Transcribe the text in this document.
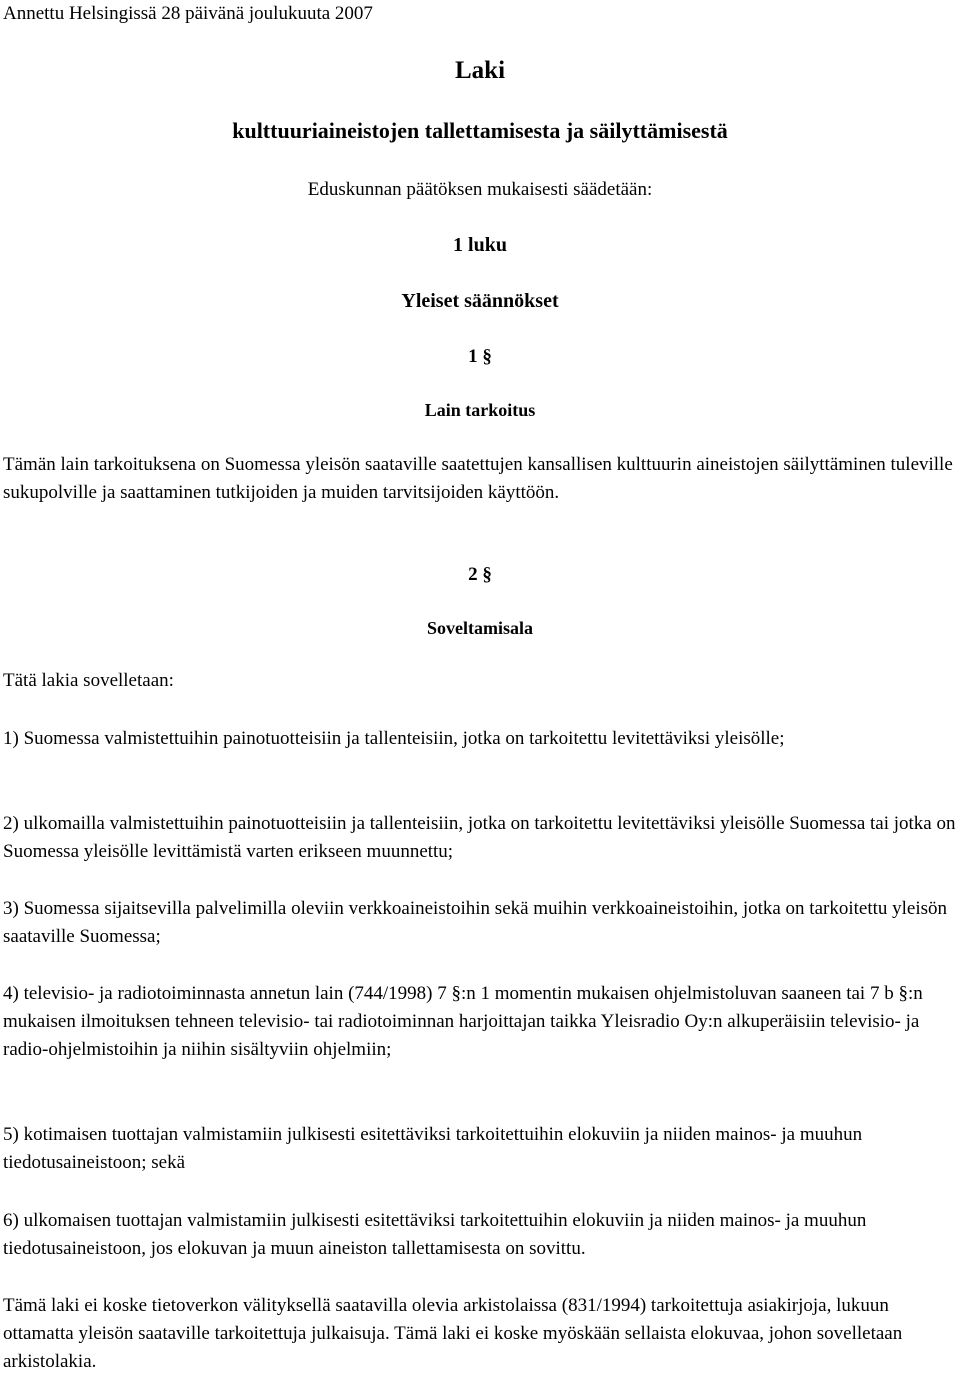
Annettu Helsingissä 28 päivänä joulukuuta 2007

Laki

kulttuuriaineistojen tallettamisesta ja säilyttämisestä

Eduskunnan päätöksen mukaisesti säädetään:

1 luku

Yleiset säännökset

1 §

Lain tarkoitus

Tämän lain tarkoituksena on Suomessa yleisön saataville saatettujen kansallisen kulttuurin aineistojen säilyttäminen tuleville sukupolville ja saattaminen tutkijoiden ja muiden tarvitsijoiden käyttöön.

2 §

Soveltamisala

Tätä lakia sovelletaan:

1) Suomessa valmistettuihin painotuotteisiin ja tallenteisiin, jotka on tarkoitettu levitettäviksi yleisölle;

2) ulkomailla valmistettuihin painotuotteisiin ja tallenteisiin, jotka on tarkoitettu levitettäviksi yleisölle Suomessa tai jotka on Suomessa yleisölle levittämistä varten erikseen muunnettu;

3) Suomessa sijaitsevilla palvelimilla oleviin verkkoaineistoihin sekä muihin verkkoaineistoihin, jotka on tarkoitettu yleisön saataville Suomessa;

4) televisio- ja radiotoiminnasta annetun lain (744/1998) 7 §:n 1 momentin mukaisen ohjelmistoluvan saaneen tai 7 b §:n mukaisen ilmoituksen tehneen televisio- tai radiotoiminnan harjoittajan taikka Yleisradio Oy:n alkuperäisiin televisio- ja radio-ohjelmistoihin ja niihin sisältyviin ohjelmiin;

5) kotimaisen tuottajan valmistamiin julkisesti esitettäviksi tarkoitettuihin elokuviin ja niiden mainos- ja muuhun tiedotusaineistoon; sekä

6) ulkomaisen tuottajan valmistamiin julkisesti esitettäviksi tarkoitettuihin elokuviin ja niiden mainos- ja muuhun tiedotusaineistoon, jos elokuvan ja muun aineiston tallettamisesta on sovittu.

Tämä laki ei koske tietoverkon välityksellä saatavilla olevia arkistolaissa (831/1994) tarkoitettuja asiakirjoja, lukuun ottamatta yleisön saataville tarkoitettuja julkaisuja. Tämä laki ei koske myöskään sellaista elokuvaa, johon sovelletaan arkistolakia.
